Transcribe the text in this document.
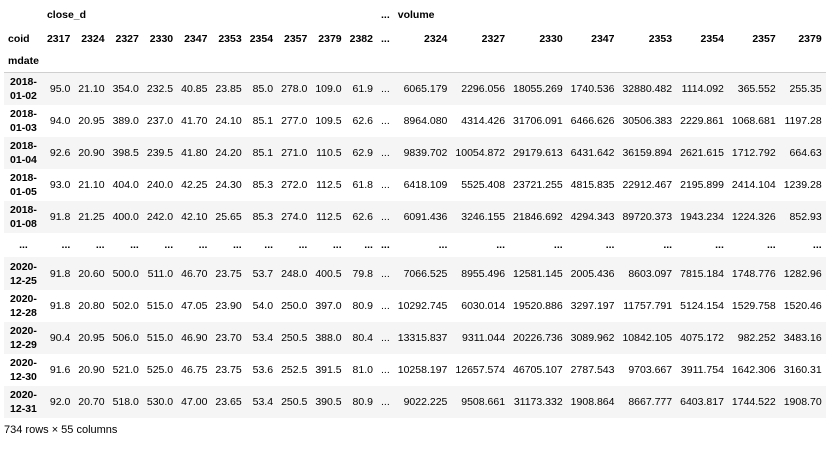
	close_d										...	volume							
coid	2317	2324	2327	2330	2347	2353	2354	2357	2379	2382	...	2324	2327	2330	2347	2353	2354	2357	2379
mdate																			
2018-01-02	95.0	21.10	354.0	232.5	40.85	23.85	85.0	278.0	109.0	61.9	...	6065.179	2296.056	18055.269	1740.536	32880.482	1114.092	365.552	255.35
2018-01-03	94.0	20.95	389.0	237.0	41.70	24.10	85.1	277.0	109.5	62.6	...	8964.080	4314.426	31706.091	6466.626	30506.383	2229.861	1068.681	1197.28
2018-01-04	92.6	20.90	398.5	239.5	41.80	24.20	85.1	271.0	110.5	62.9	...	9839.702	10054.872	29179.613	6431.642	36159.894	2621.615	1712.792	664.63
2018-01-05	93.0	21.10	404.0	240.0	42.25	24.30	85.3	272.0	112.5	61.8	...	6418.109	5525.408	23721.255	4815.835	22912.467	2195.899	2414.104	1239.28
2018-01-08	91.8	21.25	400.0	242.0	42.10	25.65	85.3	274.0	112.5	62.6	...	6091.436	3246.155	21846.692	4294.343	89720.373	1943.234	1224.326	852.93
...	...	...	...	...	...	...	...	...	...	...	...	...	...	...	...	...	...	...	...
2020-12-25	91.8	20.60	500.0	511.0	46.70	23.75	53.7	248.0	400.5	79.8	...	7066.525	8955.496	12581.145	2005.436	8603.097	7815.184	1748.776	1282.96
2020-12-28	91.8	20.80	502.0	515.0	47.05	23.90	54.0	250.0	397.0	80.9	...	10292.745	6030.014	19520.886	3297.197	11757.791	5124.154	1529.758	1520.46
2020-12-29	90.4	20.95	506.0	515.0	46.90	23.70	53.4	250.5	388.0	80.4	...	13315.837	9311.044	20226.736	3089.962	10842.105	4075.172	982.252	3483.16
2020-12-30	91.6	20.90	521.0	525.0	46.75	23.75	53.6	252.5	391.5	81.0	...	10258.197	12657.574	46705.107	2787.543	9703.667	3911.754	1642.306	3160.31
2020-12-31	92.0	20.70	518.0	530.0	47.00	23.65	53.4	250.5	390.5	80.9	...	9022.225	9508.661	31173.332	1908.864	8667.777	6403.817	1744.522	1908.70
734 rows × 55 columns
